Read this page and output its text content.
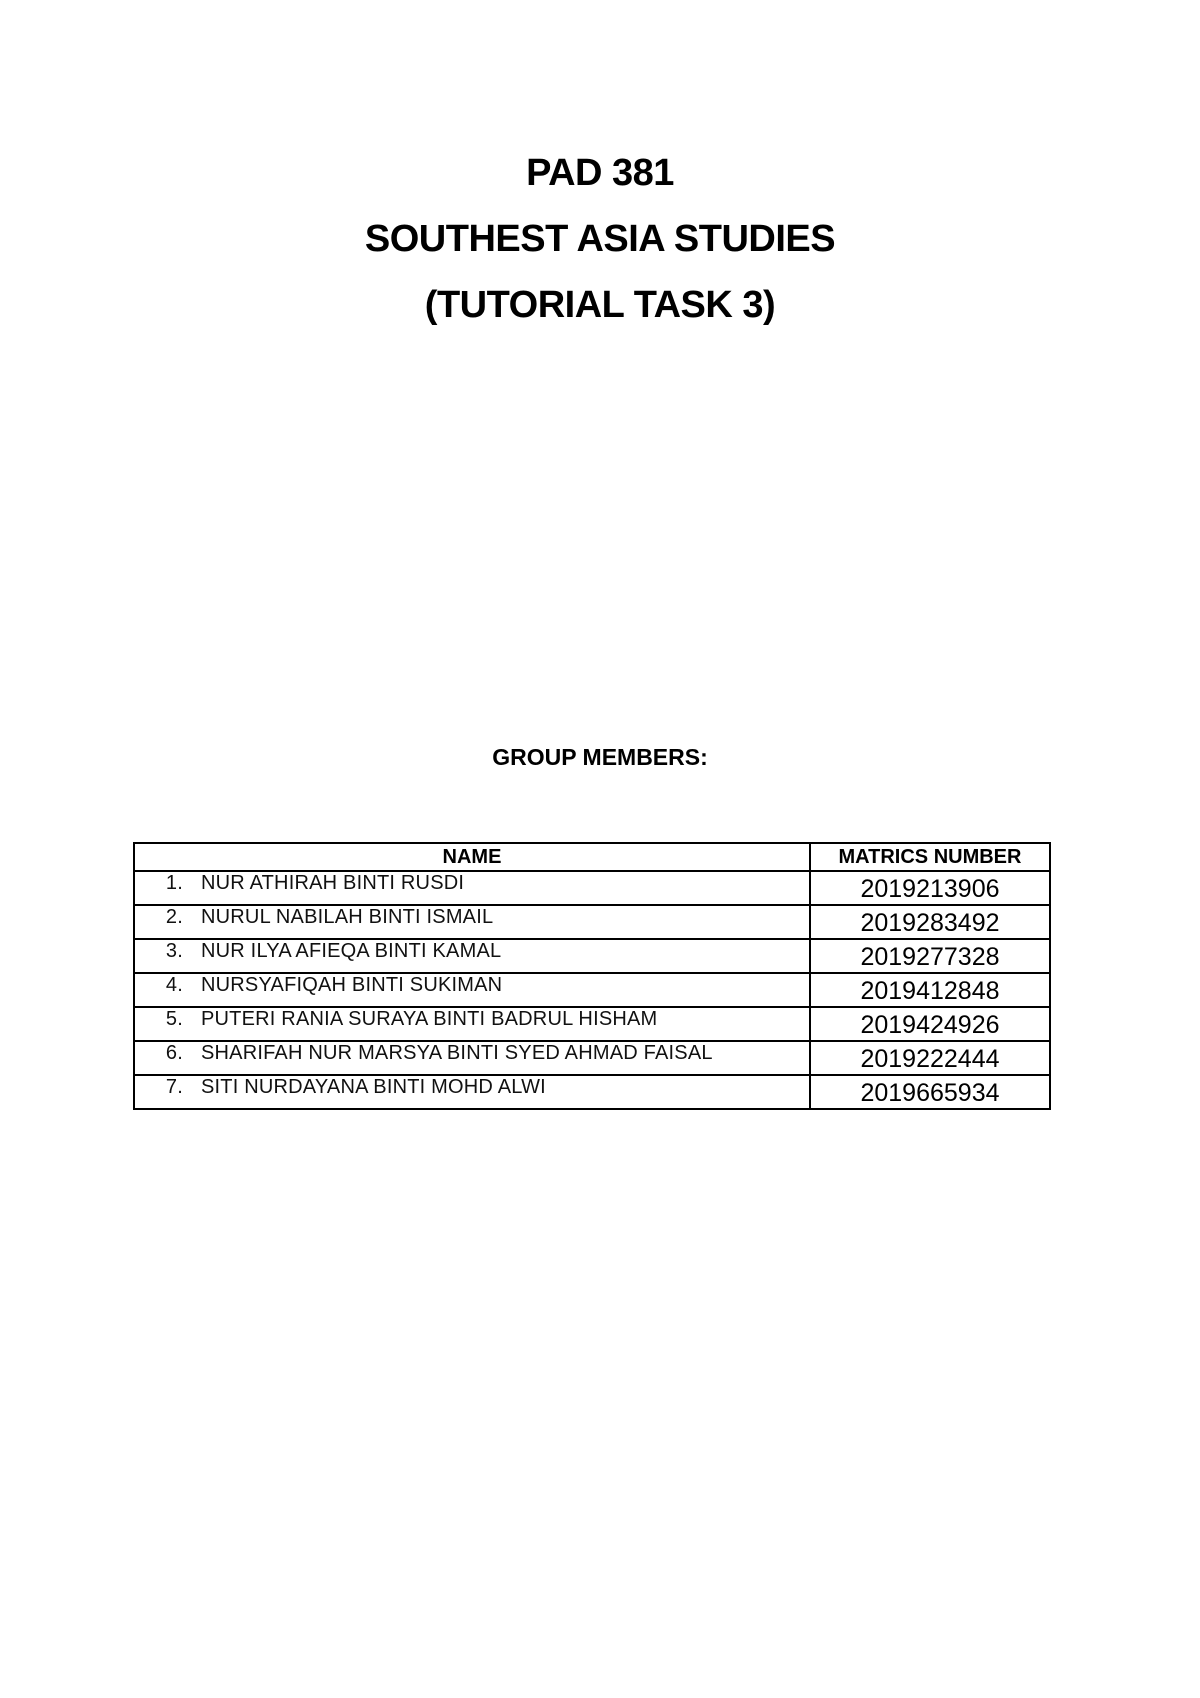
PAD 381

SOUTHEST ASIA STUDIES

(TUTORIAL TASK 3)

GROUP MEMBERS:

NAME	MATRICS NUMBER
1. NUR ATHIRAH BINTI RUSDI	2019213906
2. NURUL NABILAH BINTI ISMAIL	2019283492
3. NUR ILYA AFIEQA BINTI KAMAL	2019277328
4. NURSYAFIQAH BINTI SUKIMAN	2019412848
5. PUTERI RANIA SURAYA BINTI BADRUL HISHAM	2019424926
6. SHARIFAH NUR MARSYA BINTI SYED AHMAD FAISAL	2019222444
7. SITI NURDAYANA BINTI MOHD ALWI	2019665934
